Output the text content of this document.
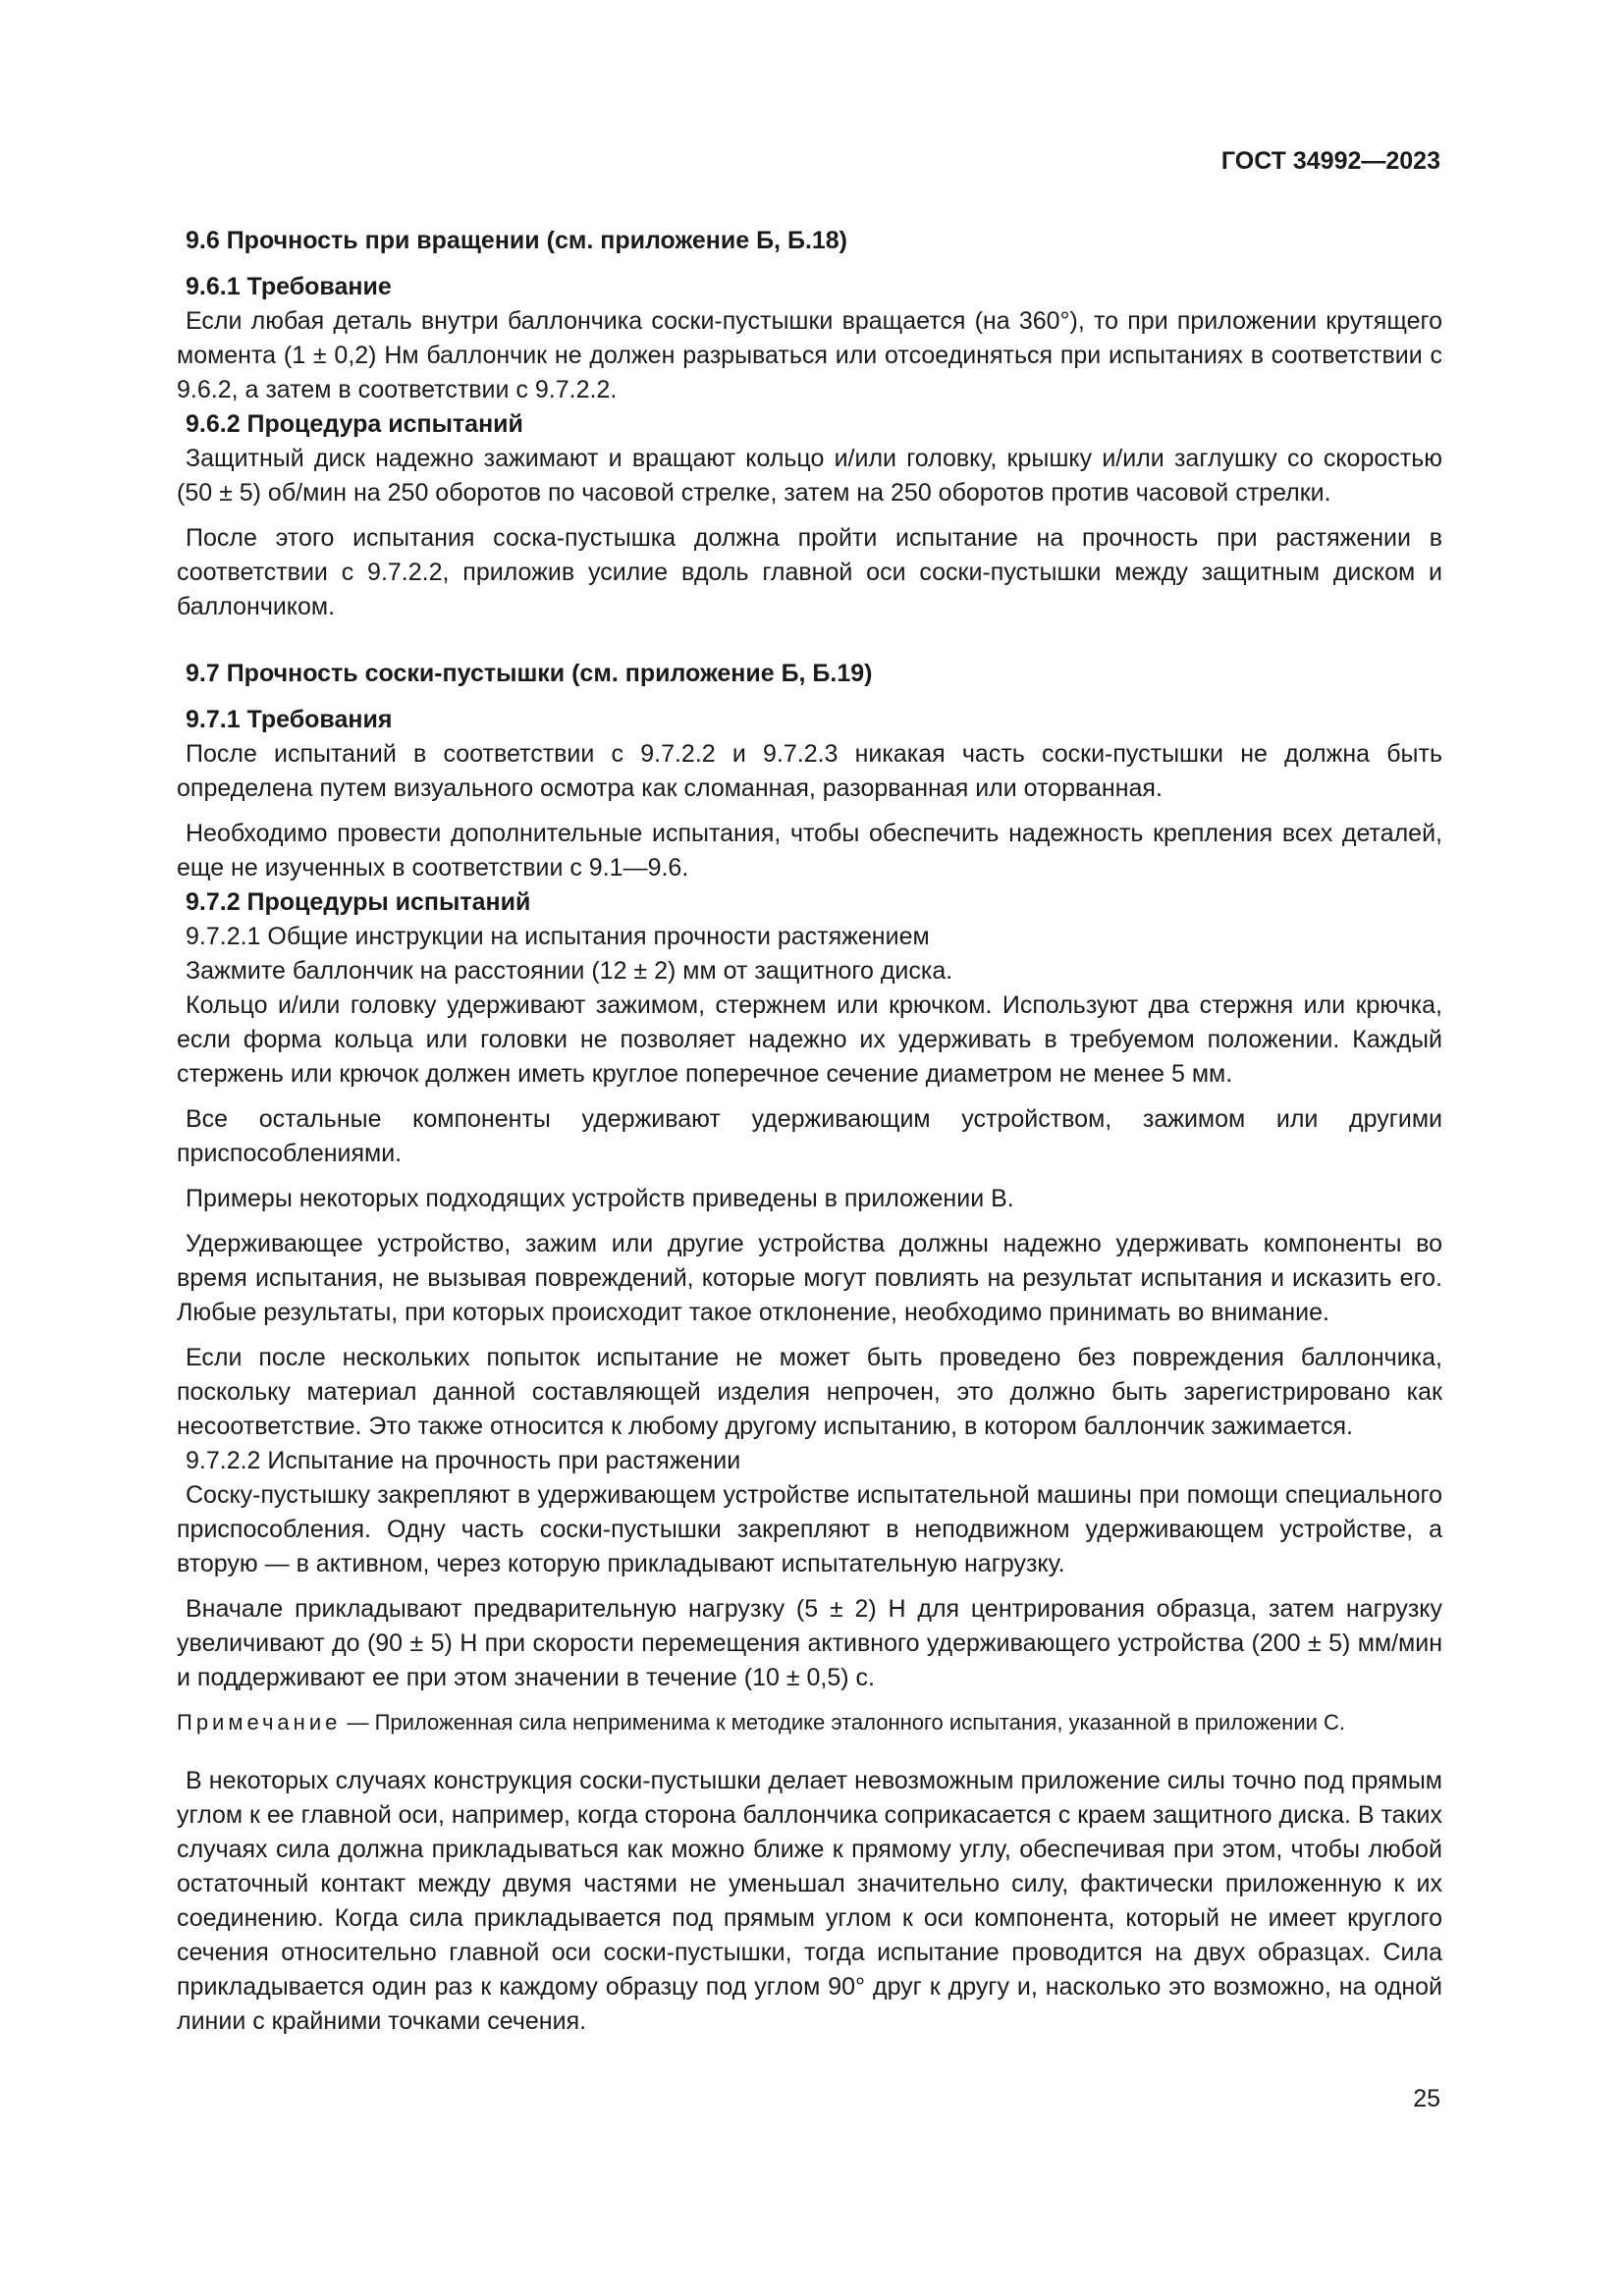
ГОСТ 34992—2023
9.6 Прочность при вращении (см. приложение Б, Б.18)
9.6.1 Требование

Если любая деталь внутри баллончика соски-пустышки вращается (на 360°), то при приложении крутящего момента (1 ± 0,2) Нм баллончик не должен разрываться или отсоединяться при испытаниях в соответствии с 9.6.2, а затем в соответствии с 9.7.2.2.

9.6.2 Процедура испытаний

Защитный диск надежно зажимают и вращают кольцо и/или головку, крышку и/или заглушку со скоростью (50 ± 5) об/мин на 250 оборотов по часовой стрелке, затем на 250 оборотов против часовой стрелки.

После этого испытания соска-пустышка должна пройти испытание на прочность при растяжении в соответствии с 9.7.2.2, приложив усилие вдоль главной оси соски-пустышки между защитным диском и баллончиком.

9.7 Прочность соски-пустышки (см. приложение Б, Б.19)
9.7.1 Требования

После испытаний в соответствии с 9.7.2.2 и 9.7.2.3 никакая часть соски-пустышки не должна быть определена путем визуального осмотра как сломанная, разорванная или оторванная.

Необходимо провести дополнительные испытания, чтобы обеспечить надежность крепления всех деталей, еще не изученных в соответствии с 9.1—9.6.

9.7.2 Процедуры испытаний

9.7.2.1 Общие инструкции на испытания прочности растяжением

Зажмите баллончик на расстоянии (12 ± 2) мм от защитного диска.

Кольцо и/или головку удерживают зажимом, стержнем или крючком. Используют два стержня или крючка, если форма кольца или головки не позволяет надежно их удерживать в требуемом положении. Каждый стержень или крючок должен иметь круглое поперечное сечение диаметром не менее 5 мм.

Все остальные компоненты удерживают удерживающим устройством, зажимом или другими приспособлениями.

Примеры некоторых подходящих устройств приведены в приложении В.

Удерживающее устройство, зажим или другие устройства должны надежно удерживать компоненты во время испытания, не вызывая повреждений, которые могут повлиять на результат испытания и исказить его. Любые результаты, при которых происходит такое отклонение, необходимо принимать во внимание.

Если после нескольких попыток испытание не может быть проведено без повреждения баллончика, поскольку материал данной составляющей изделия непрочен, это должно быть зарегистрировано как несоответствие. Это также относится к любому другому испытанию, в котором баллончик зажимается.

9.7.2.2 Испытание на прочность при растяжении

Соску-пустышку закрепляют в удерживающем устройстве испытательной машины при помощи специального приспособления. Одну часть соски-пустышки закрепляют в неподвижном удерживающем устройстве, а вторую — в активном, через которую прикладывают испытательную нагрузку.

Вначале прикладывают предварительную нагрузку (5 ± 2) Н для центрирования образца, затем нагрузку увеличивают до (90 ± 5) Н при скорости перемещения активного удерживающего устройства (200 ± 5) мм/мин и поддерживают ее при этом значении в течение (10 ± 0,5) с.

Примечание — Приложенная сила неприменима к методике эталонного испытания, указанной в приложении С.

В некоторых случаях конструкция соски-пустышки делает невозможным приложение силы точно под прямым углом к ее главной оси, например, когда сторона баллончика соприкасается с краем защитного диска. В таких случаях сила должна прикладываться как можно ближе к прямому углу, обеспечивая при этом, чтобы любой остаточный контакт между двумя частями не уменьшал значительно силу, фактически приложенную к их соединению. Когда сила прикладывается под прямым углом к оси компонента, который не имеет круглого сечения относительно главной оси соски-пустышки, тогда испытание проводится на двух образцах. Сила прикладывается один раз к каждому образцу под углом 90° друг к другу и, насколько это возможно, на одной линии с крайними точками сечения.

25
